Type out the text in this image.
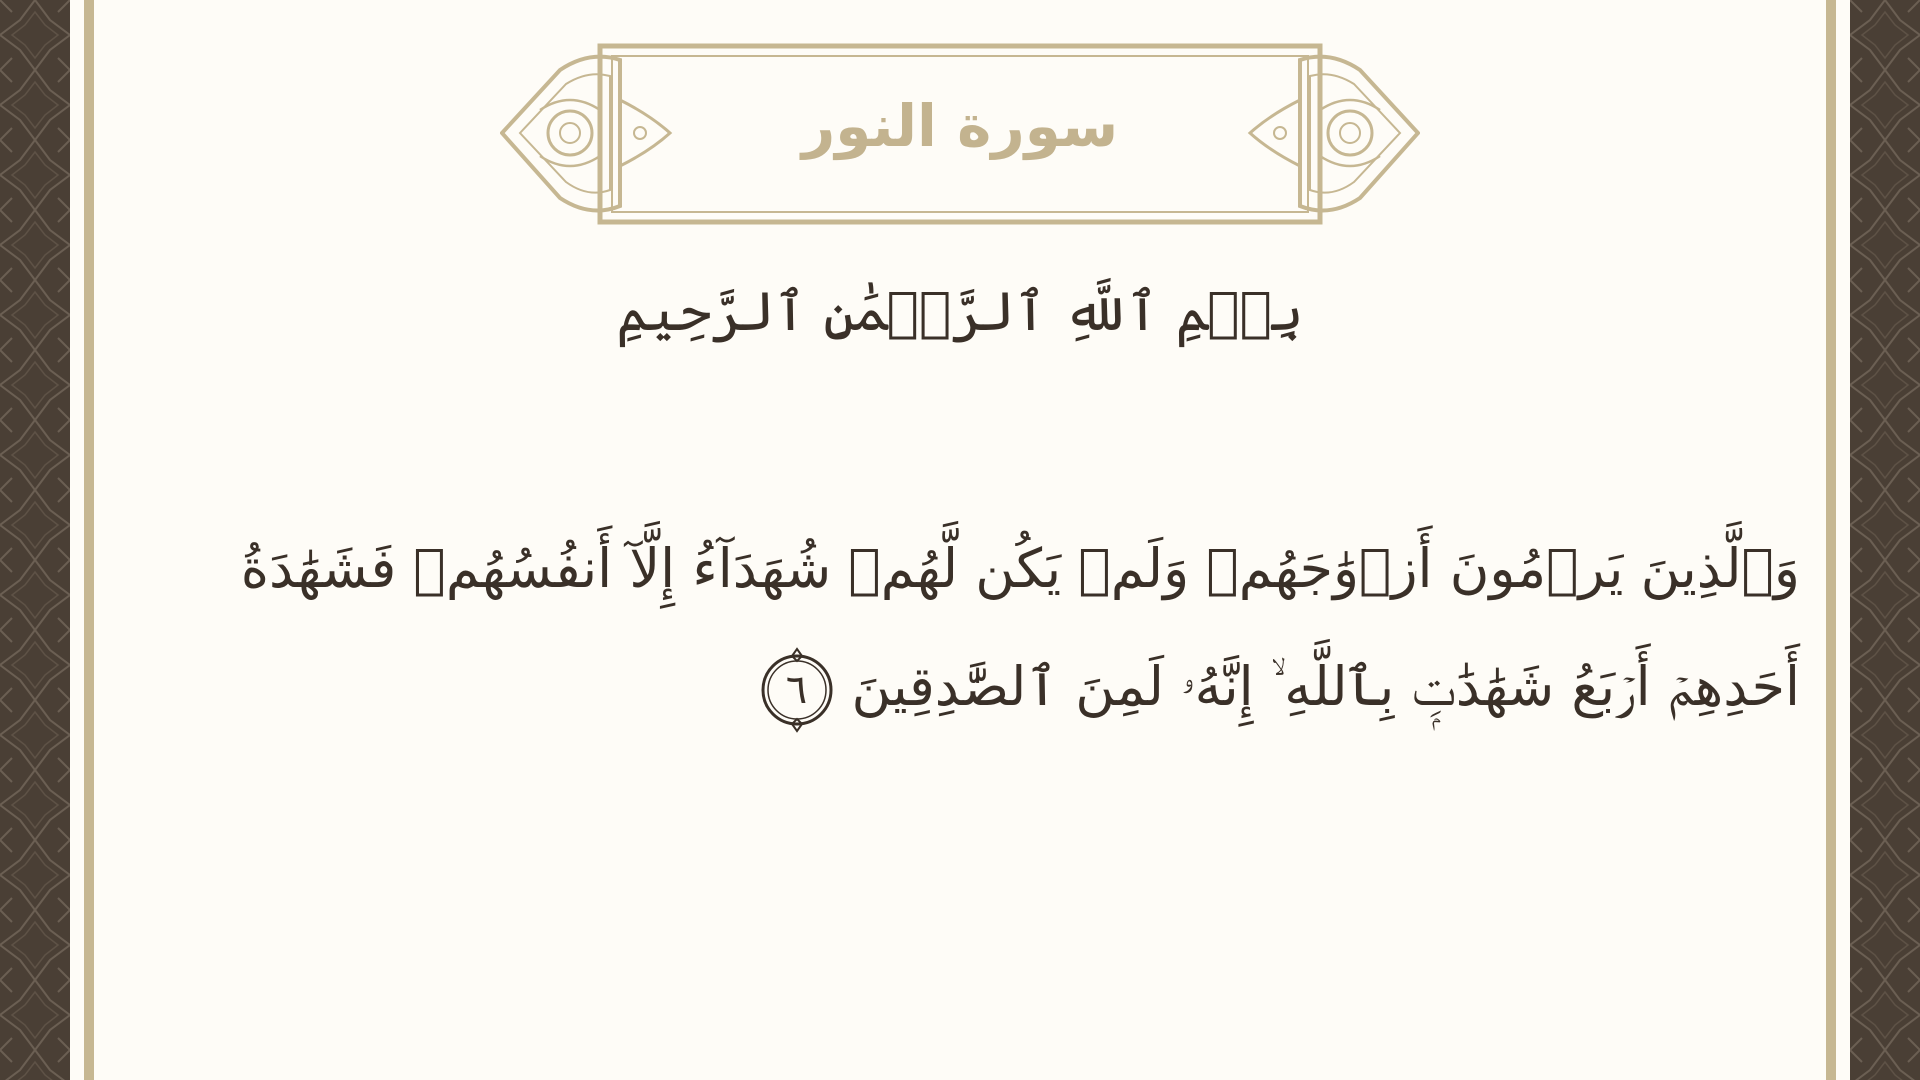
سورة النور
بِسۡمِ ٱللَّهِ ٱلرَّحۡمَٰنِ ٱلرَّحِيمِ
وَٱلَّذِينَ يَرۡمُونَ أَزۡوَٰجَهُمۡ وَلَمۡ يَكُن لَّهُمۡ شُهَدَآءُ إِلَّآ أَنفُسُهُمۡ فَشَهَٰدَةُ
أَحَدِهِمۡ أَرۡبَعُ شَهَٰدَٰتِۭ بِٱللَّهِ ۙ إِنَّهُۥ لَمِنَ ٱلصَّٰدِقِينَ
٦
